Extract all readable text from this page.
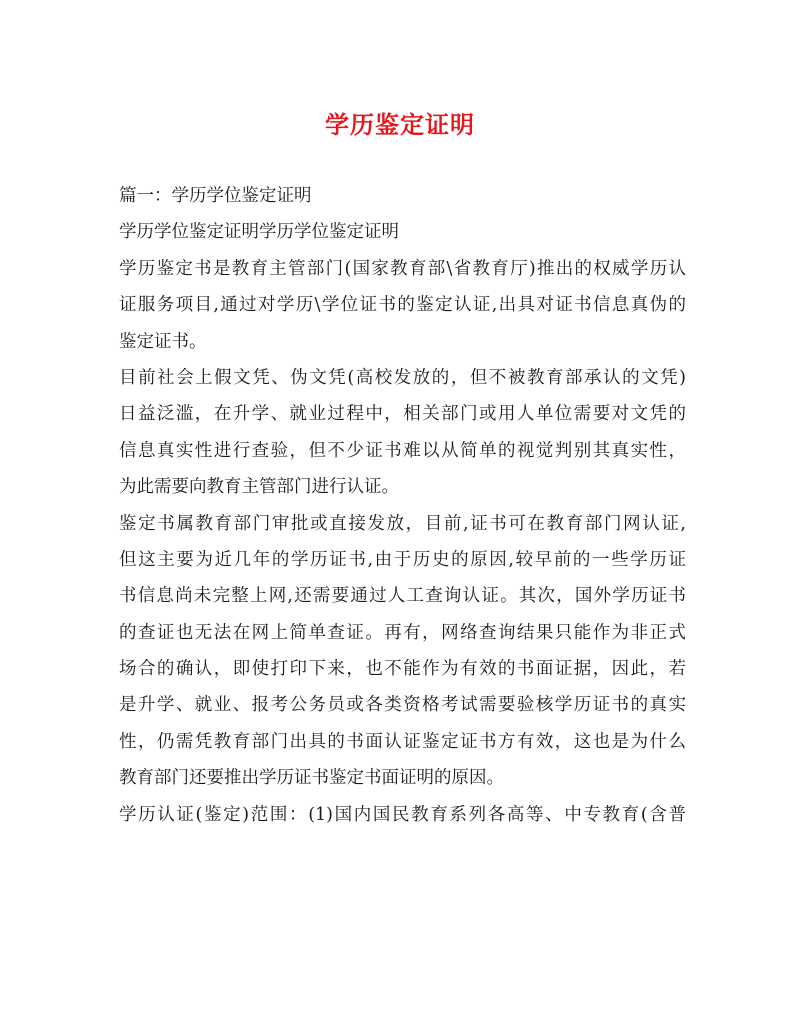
学历鉴定证明
篇一：学历学位鉴定证明
学历学位鉴定证明学历学位鉴定证明
学历鉴定书是教育主管部门(国家教育部\省教育厅)推出的权威学历认
证服务项目,通过对学历\学位证书的鉴定认证,出具对证书信息真伪的
鉴定证书。
目前社会上假文凭、伪文凭(高校发放的，但不被教育部承认的文凭)
日益泛滥，在升学、就业过程中，相关部门或用人单位需要对文凭的
信息真实性进行查验，但不少证书难以从简单的视觉判别其真实性，
为此需要向教育主管部门进行认证。
鉴定书属教育部门审批或直接发放，目前,证书可在教育部门网认证,
但这主要为近几年的学历证书,由于历史的原因,较早前的一些学历证
书信息尚未完整上网,还需要通过人工查询认证。其次，国外学历证书
的查证也无法在网上简单查证。再有，网络查询结果只能作为非正式
场合的确认，即使打印下来，也不能作为有效的书面证据，因此，若
是升学、就业、报考公务员或各类资格考试需要验核学历证书的真实
性，仍需凭教育部门出具的书面认证鉴定证书方有效，这也是为什么
教育部门还要推出学历证书鉴定书面证明的原因。
学历认证(鉴定)范围：(1)国内国民教育系列各高等、中专教育(含普
